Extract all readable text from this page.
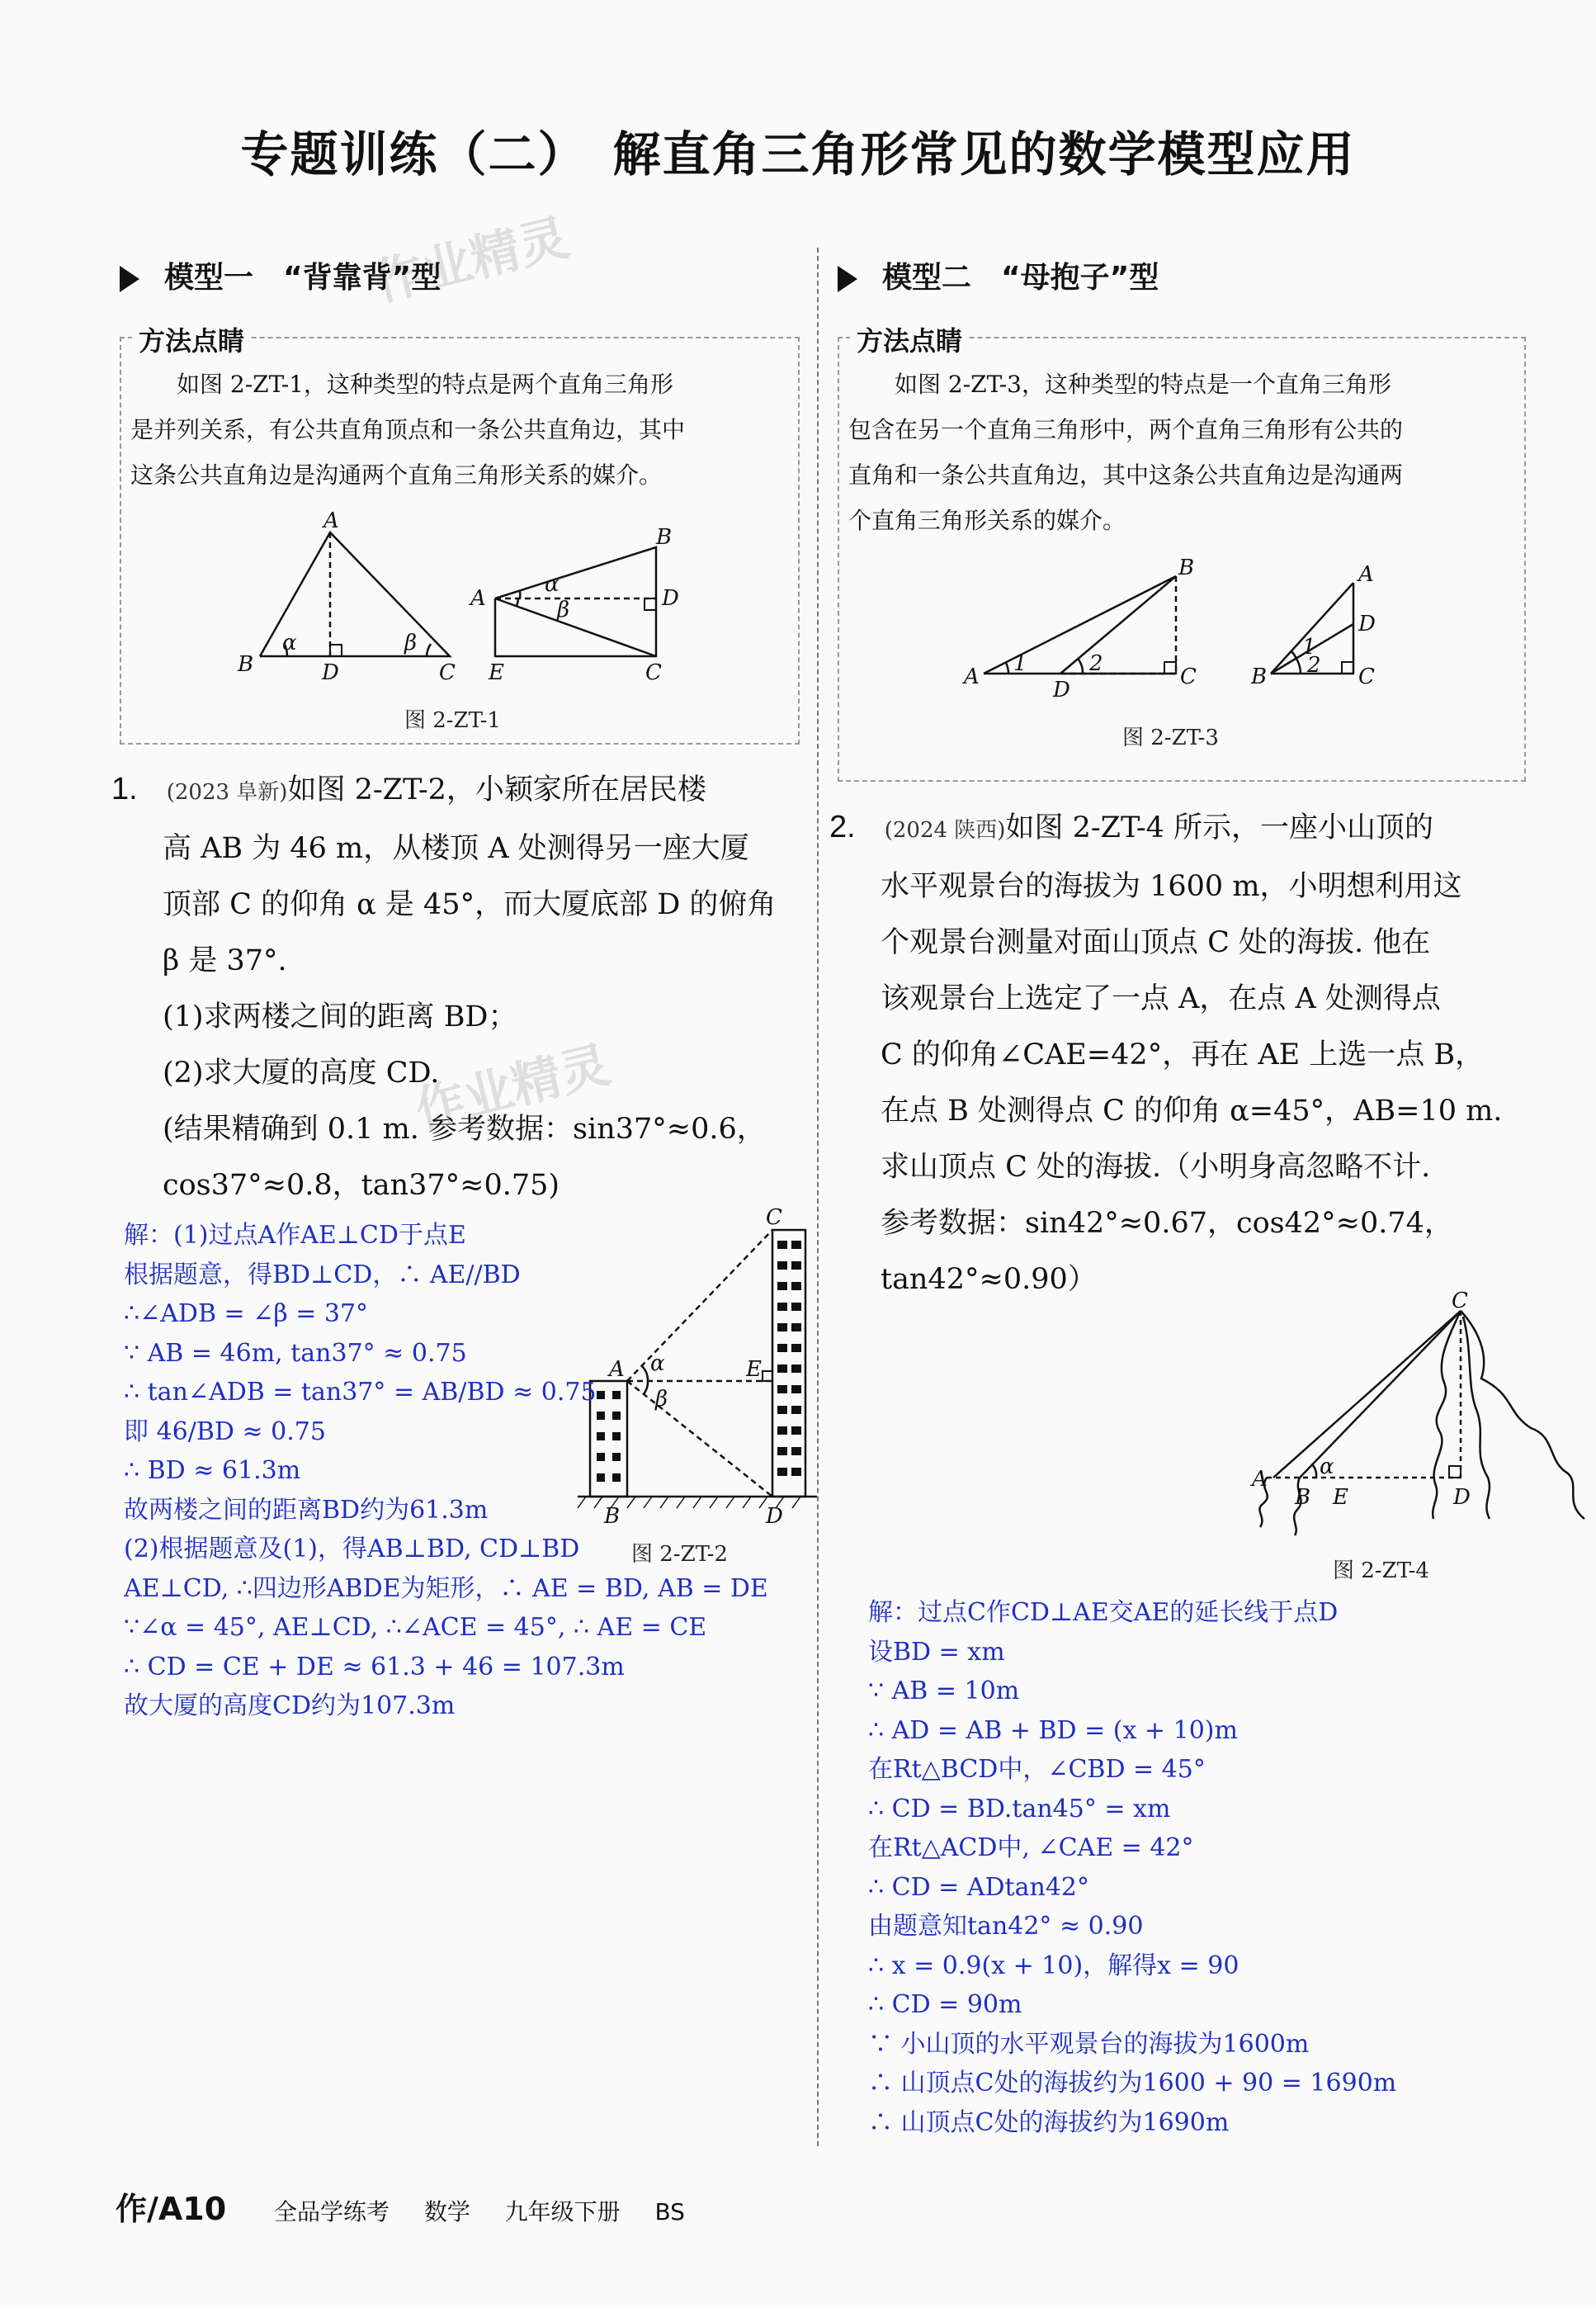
专题训练（二）　解直角三角形常见的数学模型应用
作业精灵
作业精灵
模型一　“背靠背”型
方法点睛
　　如图 2-ZT-1，这种类型的特点是两个直角三角形
是并列关系，有公共直角顶点和一条公共直角边，其中
这条公共直角边是沟通两个直角三角形关系的媒介。
A
B	C
D
α	β
A
B
C
D
E
α
β
图 2-ZT-1
1.　 (2023 阜新)如图 2-ZT-2，小颖家所在居民楼
高 AB 为 46 m，从楼顶 A 处测得另一座大厦
顶部 C 的仰角 α 是 45°，而大厦底部 D 的俯角
β 是 37°.
(1)求两楼之间的距离 BD；
(2)求大厦的高度 CD.
(结果精确到 0.1 m. 参考数据：sin37°≈0.6，
cos37°≈0.8，tan37°≈0.75)
A
B
C
D
E
α
β
图 2-ZT-2
解：(1)过点A作AE⊥CD于点E
根据题意，得BD⊥CD，∴ AE//BD
∴∠ADB = ∠β = 37°
∵ AB = 46m, tan37° ≈ 0.75
∴ tan∠ADB = tan37° = AB/BD ≈ 0.75
即 46/BD ≈ 0.75
∴ BD ≈ 61.3m
故两楼之间的距离BD约为61.3m
(2)根据题意及(1)，得AB⊥BD, CD⊥BD
AE⊥CD, ∴四边形ABDE为矩形，∴ AE = BD, AB = DE
∵∠α = 45°, AE⊥CD, ∴∠ACE = 45°, ∴ AE = CE
∴ CD = CE + DE ≈ 61.3 + 46 = 107.3m
故大厦的高度CD约为107.3m
模型二　“母抱子”型
方法点睛
　　如图 2-ZT-3，这种类型的特点是一个直角三角形
包含在另一个直角三角形中，两个直角三角形有公共的
直角和一条公共直角边，其中这条公共直角边是沟通两
个直角三角形关系的媒介。
A
B
C
D
1	2
B
A
C
D
1
2
图 2-ZT-3
2.　 (2024 陕西)如图 2-ZT-4 所示，一座小山顶的
水平观景台的海拔为 1600 m，小明想利用这
个观景台测量对面山顶点 C 处的海拔. 他在
该观景台上选定了一点 A，在点 A 处测得点
C 的仰角∠CAE=42°，再在 AE 上选一点 B，
在点 B 处测得点 C 的仰角 α=45°，AB=10 m.
求山顶点 C 处的海拔.（小明身高忽略不计.
参考数据：sin42°≈0.67，cos42°≈0.74，
tan42°≈0.90）
A
B
C
D
E
α
图 2-ZT-4
解：过点C作CD⊥AE交AE的延长线于点D
设BD = xm
∵ AB = 10m
∴ AD = AB + BD = (x + 10)m
在Rt△BCD中，∠CBD = 45°
∴ CD = BD.tan45° = xm
在Rt△ACD中, ∠CAE = 42°
∴ CD = ADtan42°
由题意知tan42° ≈ 0.90
∴ x = 0.9(x + 10)，解得x = 90
∴ CD = 90m
∵ 小山顶的水平观景台的海拔为1600m
∴ 山顶点C处的海拔约为1600 + 90 = 1690m
∴ 山顶点C处的海拔约为1690m
作/A10 全品学练考 数学 九年级下册 BS
